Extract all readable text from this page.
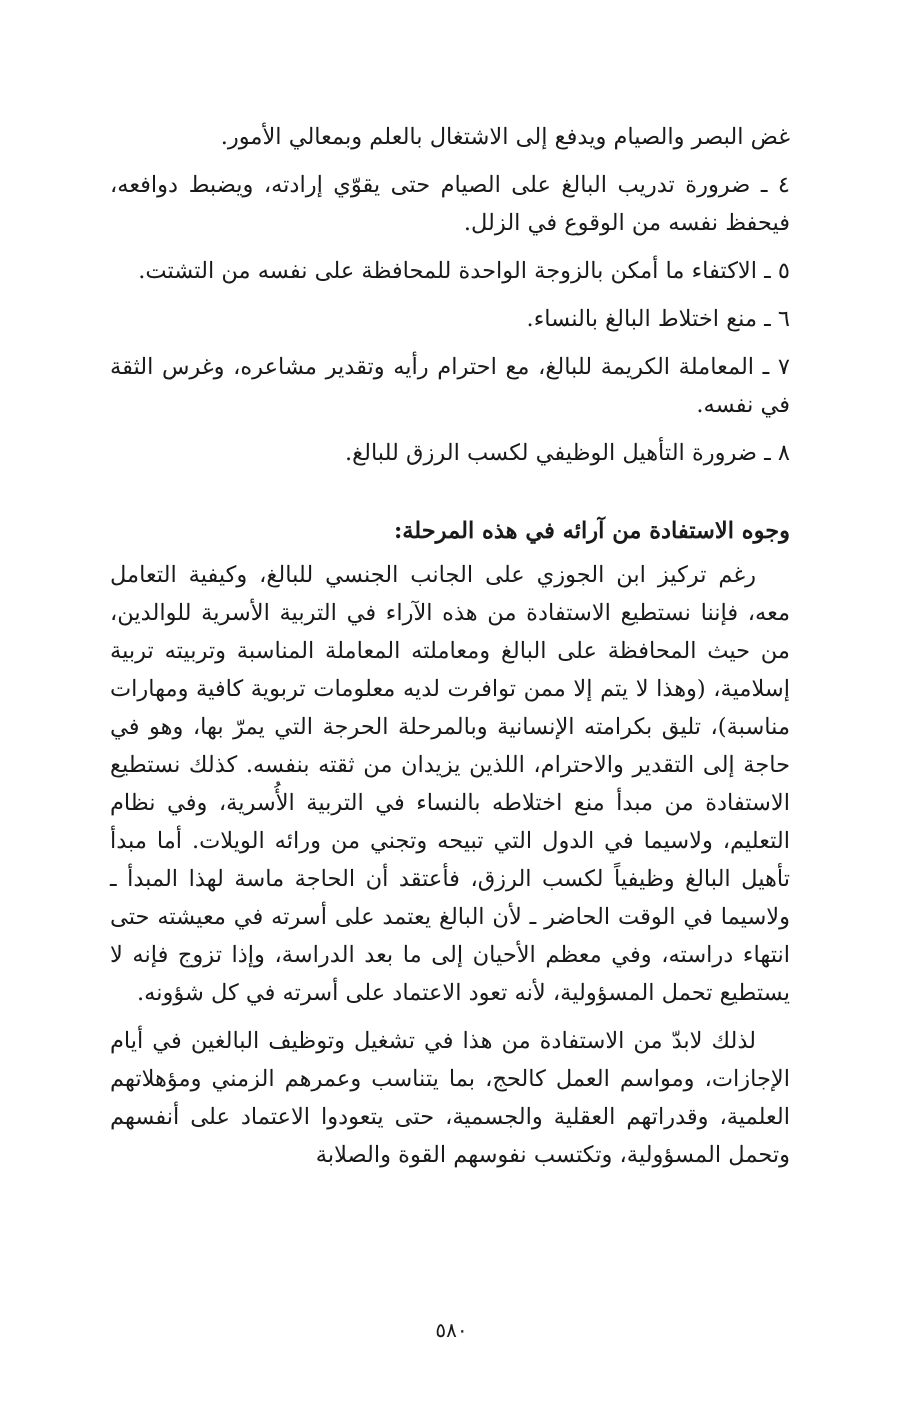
غض البصر والصيام ويدفع إلى الاشتغال بالعلم وبمعالي الأمور.

٤ ـ ضرورة تدريب البالغ على الصيام حتى يقوّي إرادته، ويضبط دوافعه، فيحفظ نفسه من الوقوع في الزلل.

٥ ـ الاكتفاء ما أمكن بالزوجة الواحدة للمحافظة على نفسه من التشتت.

٦ ـ منع اختلاط البالغ بالنساء.

٧ ـ المعاملة الكريمة للبالغ، مع احترام رأيه وتقدير مشاعره، وغرس الثقة في نفسه.

٨ ـ ضرورة التأهيل الوظيفي لكسب الرزق للبالغ.

وجوه الاستفادة من آرائه في هذه المرحلة:

رغم تركيز ابن الجوزي على الجانب الجنسي للبالغ، وكيفية التعامل معه، فإننا نستطيع الاستفادة من هذه الآراء في التربية الأسرية للوالدين، من حيث المحافظة على البالغ ومعاملته المعاملة المناسبة وتربيته تربية إسلامية، (وهذا لا يتم إلا ممن توافرت لديه معلومات تربوية كافية ومهارات مناسبة)، تليق بكرامته الإنسانية وبالمرحلة الحرجة التي يمرّ بها، وهو في حاجة إلى التقدير والاحترام، اللذين يزيدان من ثقته بنفسه. كذلك نستطيع الاستفادة من مبدأ منع اختلاطه بالنساء في التربية الأُسرية، وفي نظام التعليم، ولاسيما في الدول التي تبيحه وتجني من ورائه الويلات. أما مبدأ تأهيل البالغ وظيفياً لكسب الرزق، فأعتقد أن الحاجة ماسة لهذا المبدأ ـ ولاسيما في الوقت الحاضر ـ لأن البالغ يعتمد على أسرته في معيشته حتى انتهاء دراسته، وفي معظم الأحيان إلى ما بعد الدراسة، وإذا تزوج فإنه لا يستطيع تحمل المسؤولية، لأنه تعود الاعتماد على أسرته في كل شؤونه.

لذلك لابدّ من الاستفادة من هذا في تشغيل وتوظيف البالغين في أيام الإجازات، ومواسم العمل كالحج، بما يتناسب وعمرهم الزمني ومؤهلاتهم العلمية، وقدراتهم العقلية والجسمية، حتى يتعودوا الاعتماد على أنفسهم وتحمل المسؤولية، وتكتسب نفوسهم القوة والصلابة

٥٨٠
